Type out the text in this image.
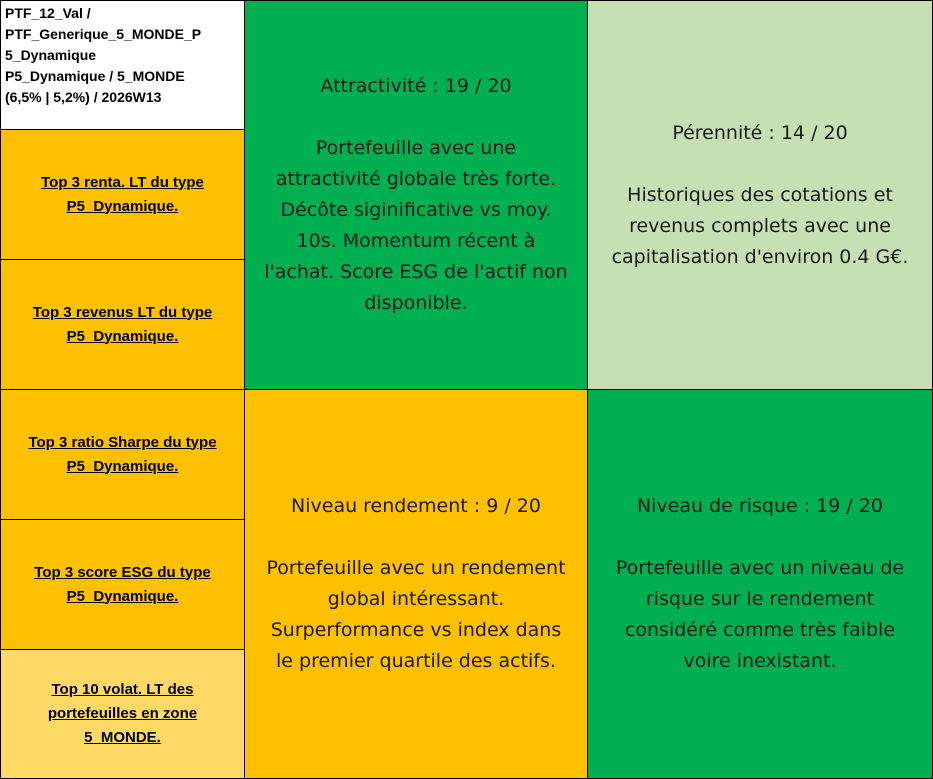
PTF_12_Val /
PTF_Generique_5_MONDE_P
5_Dynamique
P5_Dynamique / 5_MONDE
(6,5% | 5,2%) / 2026W13
Top 3 renta. LT du type
P5_Dynamique.
Top 3 revenus LT du type
P5_Dynamique.
Top 3 ratio Sharpe du type
P5_Dynamique.
Top 3 score ESG du type
P5_Dynamique.
Top 10 volat. LT des
portefeuilles en zone
5_MONDE.
Attractivité : 19 / 20
Portefeuille avec une
attractivité globale très forte.
Décôte siginificative vs moy.
10s. Momentum récent à
l'achat. Score ESG de l'actif non
disponible.
Pérennité : 14 / 20
Historiques des cotations et
revenus complets avec une
capitalisation d'environ 0.4 G€.
Niveau rendement : 9 / 20
Portefeuille avec un rendement
global intéressant.
Surperformance vs index dans
le premier quartile des actifs.
Niveau de risque : 19 / 20
Portefeuille avec un niveau de
risque sur le rendement
considéré comme très faible
voire inexistant.
